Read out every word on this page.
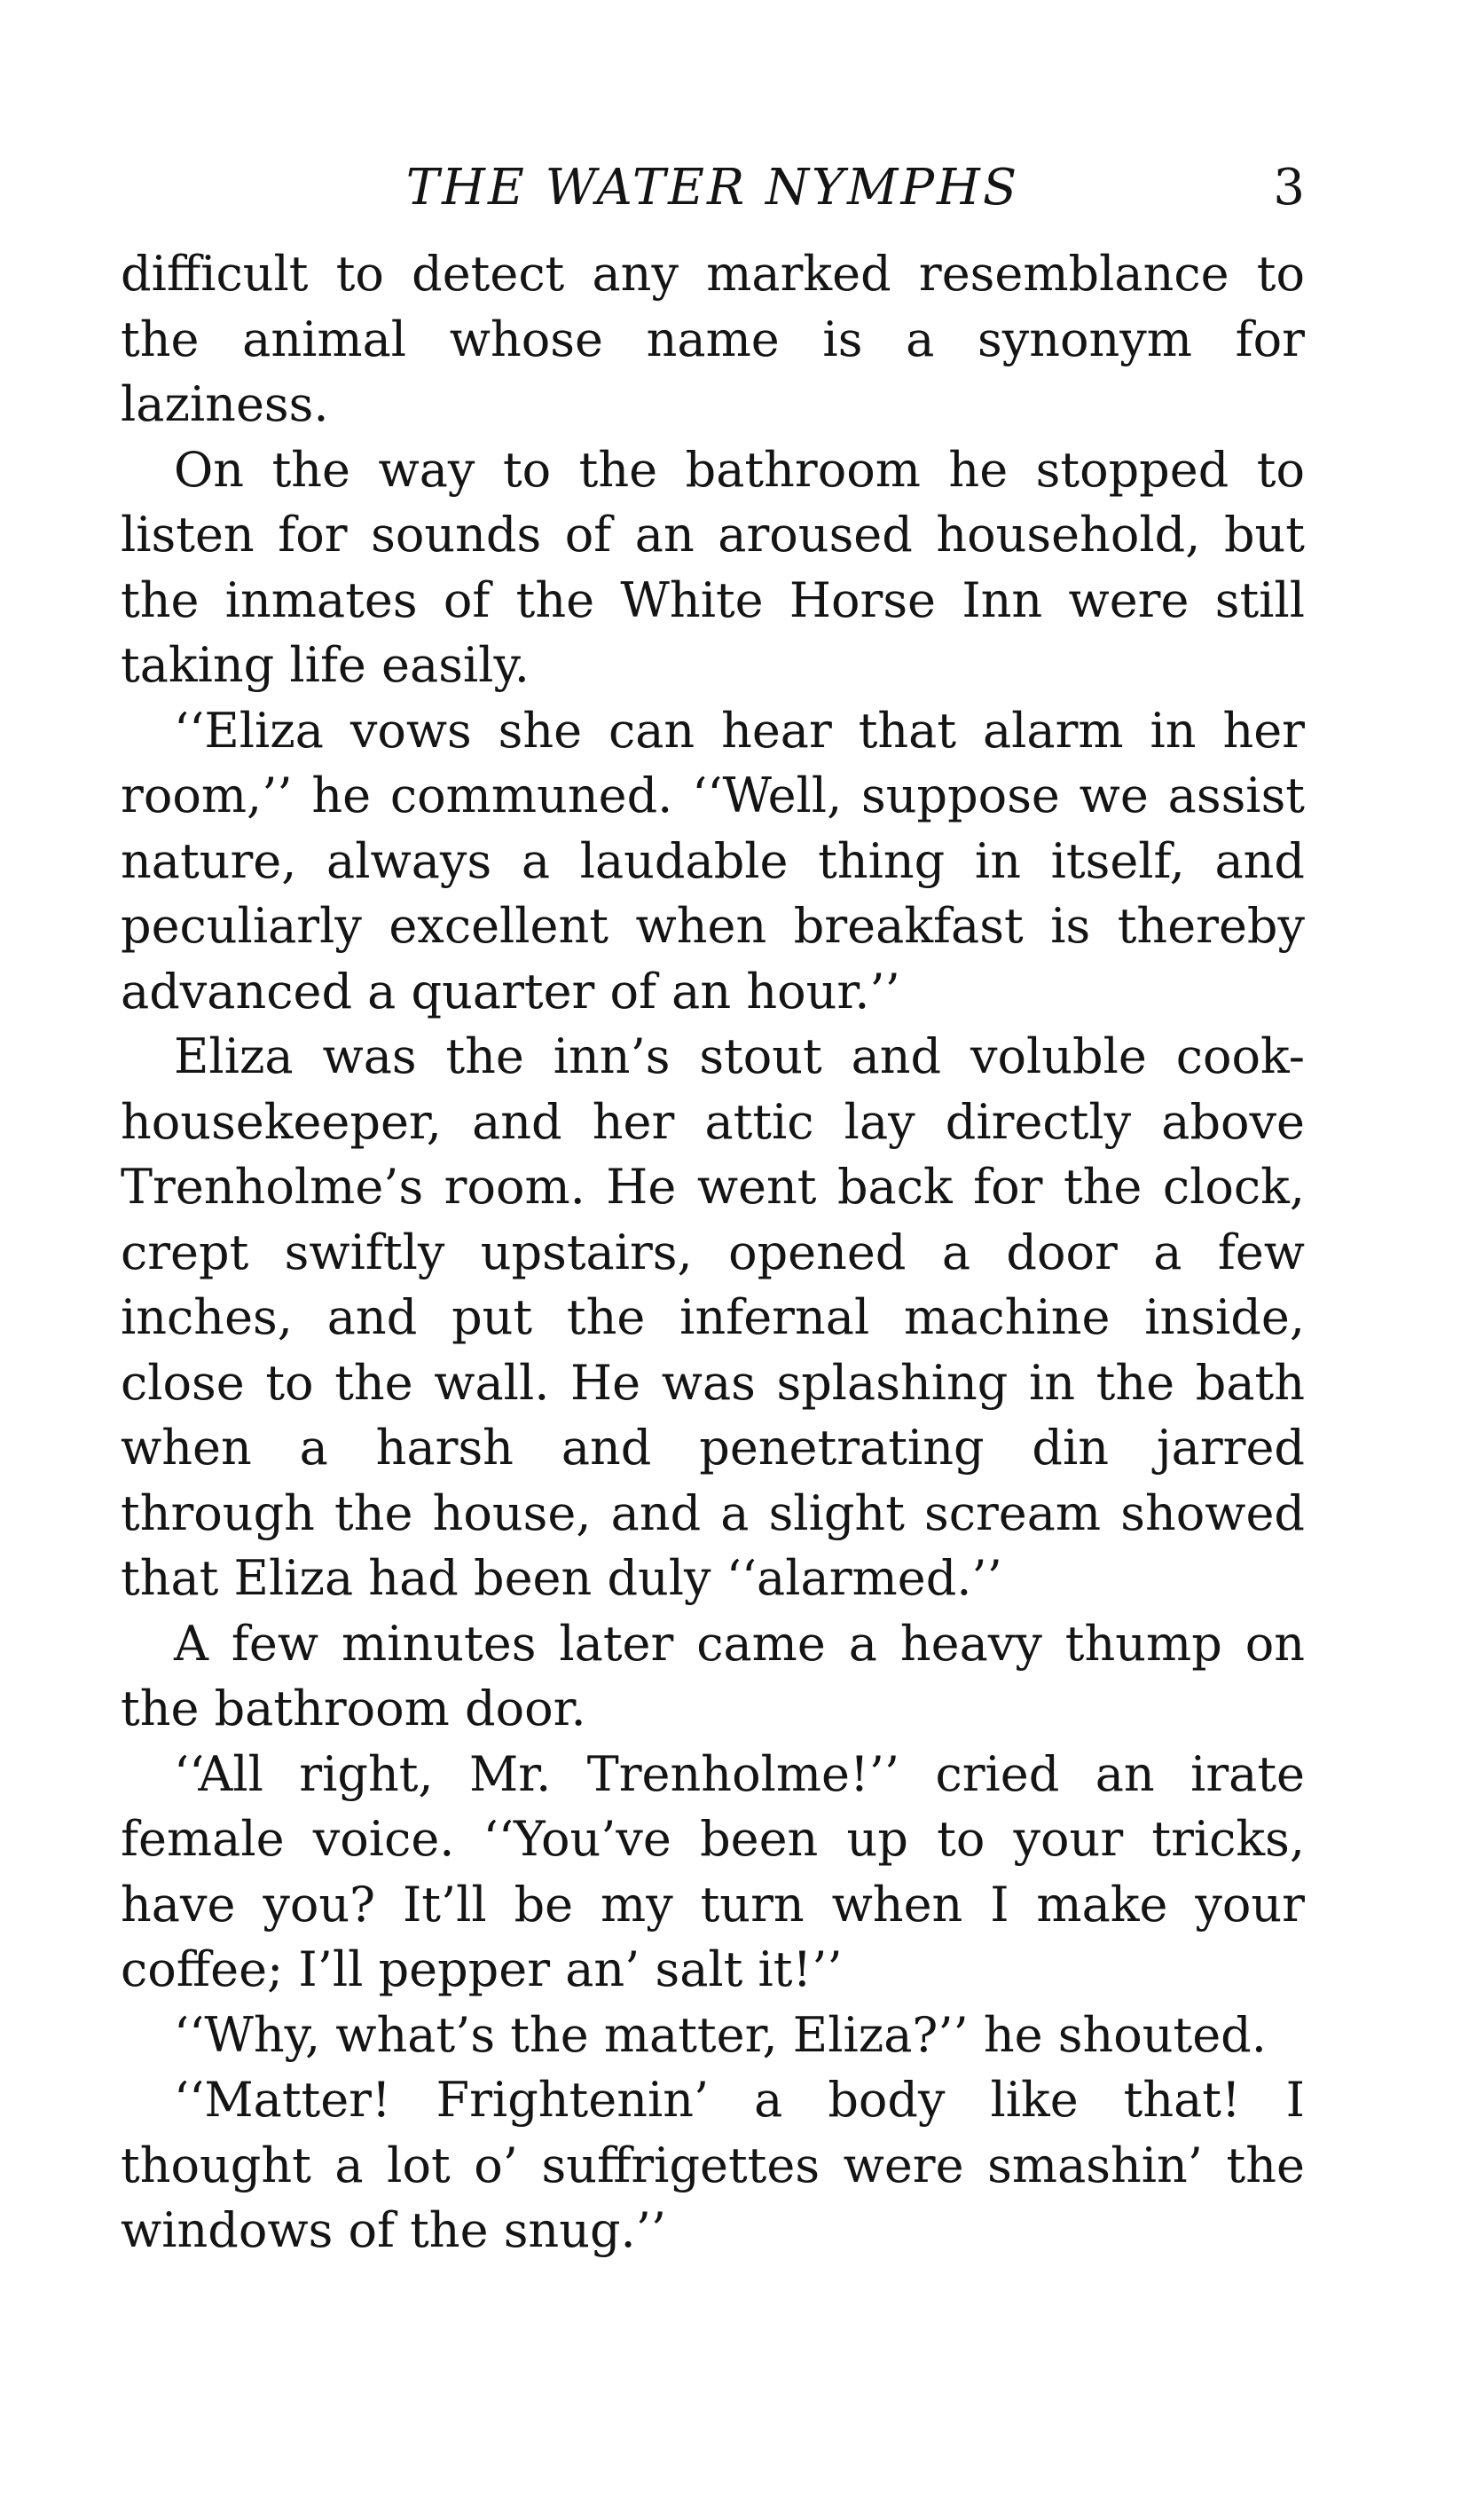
THE WATER NYMPHS	3

difficult to detect any marked resemblance to the animal whose name is a synonym for laziness.

On the way to the bathroom he stopped to listen for sounds of an aroused household, but the inmates of the White Horse Inn were still taking life easily.

‘‘Eliza vows she can hear that alarm in her room,’’ he communed. ‘‘Well, suppose we assist nature, always a laudable thing in itself, and peculiarly excellent when breakfast is thereby advanced a quarter of an hour.’’

Eliza was the inn’s stout and voluble cook-housekeeper, and her attic lay directly above Trenholme’s room. He went back for the clock, crept swiftly upstairs, opened a door a few inches, and put the infernal machine inside, close to the wall. He was splashing in the bath when a harsh and penetrating din jarred through the house, and a slight scream showed that Eliza had been duly ‘‘alarmed.’’

A few minutes later came a heavy thump on the bathroom door.

‘‘All right, Mr. Trenholme!’’ cried an irate female voice. ‘‘You’ve been up to your tricks, have you? It’ll be my turn when I make your coffee; I’ll pepper an’ salt it!’’

‘‘Why, what’s the matter, Eliza?’’ he shouted.

‘‘Matter! Frightenin’ a body like that! I thought a lot o’ suffrigettes were smashin’ the windows of the snug.’’
